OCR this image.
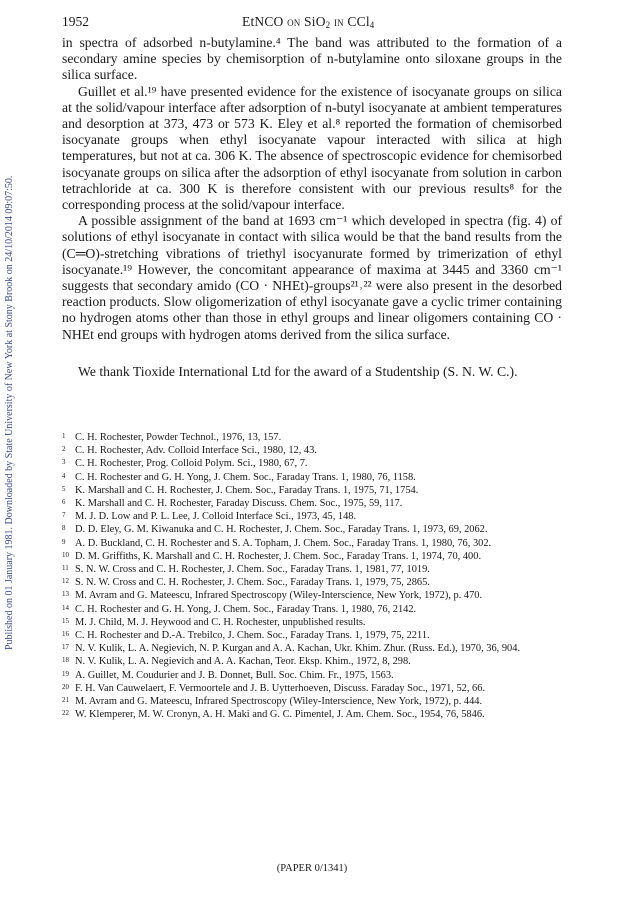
Published on 01 January 1981. Downloaded by State University of New York at Stony Brook on 24/10/2014 09:07:50.
1952	EtNCO on SiO$_2$ in CCl$_4$

in spectra of adsorbed n-butylamine.⁴ The band was attributed to the formation of a secondary amine species by chemisorption of n-butylamine onto siloxane groups in the silica surface.

Guillet et al.¹⁹ have presented evidence for the existence of isocyanate groups on silica at the solid/vapour interface after adsorption of n-butyl isocyanate at ambient temperatures and desorption at 373, 473 or 573 K. Eley et al.⁸ reported the formation of chemisorbed isocyanate groups when ethyl isocyanate vapour interacted with silica at high temperatures, but not at ca. 306 K. The absence of spectroscopic evidence for chemisorbed isocyanate groups on silica after the adsorption of ethyl isocyanate from solution in carbon tetrachloride at ca. 300 K is therefore consistent with our previous results⁸ for the corresponding process at the solid/vapour interface.

A possible assignment of the band at 1693 cm⁻¹ which developed in spectra (fig. 4) of solutions of ethyl isocyanate in contact with silica would be that the band results from the (C═O)-stretching vibrations of triethyl isocyanurate formed by trimerization of ethyl isocyanate.¹⁹ However, the concomitant appearance of maxima at 3445 and 3360 cm⁻¹ suggests that secondary amido (CO · NHEt)-groups²¹˒²² were also present in the desorbed reaction products. Slow oligomerization of ethyl isocyanate gave a cyclic trimer containing no hydrogen atoms other than those in ethyl groups and linear oligomers containing CO · NHEt end groups with hydrogen atoms derived from the silica surface.

We thank Tioxide International Ltd for the award of a Studentship (S. N. W. C.).

1 C. H. Rochester, Powder Technol., 1976, 13, 157.
2 C. H. Rochester, Adv. Colloid Interface Sci., 1980, 12, 43.
3 C. H. Rochester, Prog. Colloid Polym. Sci., 1980, 67, 7.
4 C. H. Rochester and G. H. Yong, J. Chem. Soc., Faraday Trans. 1, 1980, 76, 1158.
5 K. Marshall and C. H. Rochester, J. Chem. Soc., Faraday Trans. 1, 1975, 71, 1754.
6 K. Marshall and C. H. Rochester, Faraday Discuss. Chem. Soc., 1975, 59, 117.
7 M. J. D. Low and P. L. Lee, J. Colloid Interface Sci., 1973, 45, 148.
8 D. D. Eley, G. M. Kiwanuka and C. H. Rochester, J. Chem. Soc., Faraday Trans. 1, 1973, 69, 2062.
9 A. D. Buckland, C. H. Rochester and S. A. Topham, J. Chem. Soc., Faraday Trans. 1, 1980, 76, 302.
10 D. M. Griffiths, K. Marshall and C. H. Rochester, J. Chem. Soc., Faraday Trans. 1, 1974, 70, 400.
11 S. N. W. Cross and C. H. Rochester, J. Chem. Soc., Faraday Trans. 1, 1981, 77, 1019.
12 S. N. W. Cross and C. H. Rochester, J. Chem. Soc., Faraday Trans. 1, 1979, 75, 2865.
13 M. Avram and G. Mateescu, Infrared Spectroscopy (Wiley-Interscience, New York, 1972), p. 470.
14 C. H. Rochester and G. H. Yong, J. Chem. Soc., Faraday Trans. 1, 1980, 76, 2142.
15 M. J. Child, M. J. Heywood and C. H. Rochester, unpublished results.
16 C. H. Rochester and D.-A. Trebilco, J. Chem. Soc., Faraday Trans. 1, 1979, 75, 2211.
17 N. V. Kulik, L. A. Negievich, N. P. Kurgan and A. A. Kachan, Ukr. Khim. Zhur. (Russ. Ed.), 1970, 36, 904.
18 N. V. Kulik, L. A. Negievich and A. A. Kachan, Teor. Eksp. Khim., 1972, 8, 298.
19 A. Guillet, M. Coudurier and J. B. Donnet, Bull. Soc. Chim. Fr., 1975, 1563.
20 F. H. Van Cauwelaert, F. Vermoortele and J. B. Uytterhoeven, Discuss. Faraday Soc., 1971, 52, 66.
21 M. Avram and G. Mateescu, Infrared Spectroscopy (Wiley-Interscience, New York, 1972), p. 444.
22 W. Klemperer, M. W. Cronyn, A. H. Maki and G. C. Pimentel, J. Am. Chem. Soc., 1954, 76, 5846.
(PAPER 0/1341)
